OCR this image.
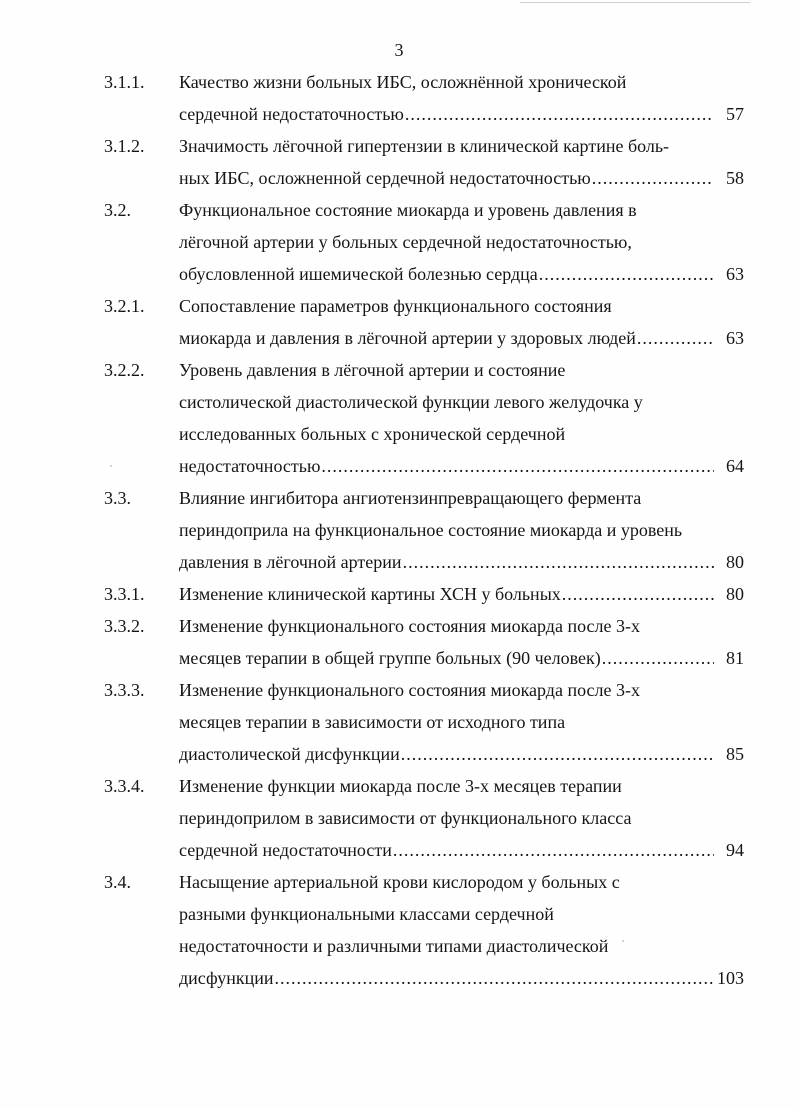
3
3.1.1. Качество жизни больных ИБС, осложнённой хронической
сердечной недостаточностью .....	57
3.1.2. Значимость лёгочной гипертензии в клинической картине боль-
ных ИБС, осложненной сердечной недостаточностью .....	58
3.2.	Функциональное состояние миокарда и уровень давления в
лёгочной артерии у больных сердечной недостаточностью,
обусловленной ишемической болезнью сердца .....	63
3.2.1. Сопоставление параметров функционального состояния
миокарда и давления в лёгочной артерии у здоровых людей .....	63
3.2.2. Уровень давления в лёгочной артерии и состояние
систолической диастолической функции левого желудочка у
исследованных больных с хронической сердечной
недостаточностью .....	64
3.3.	Влияние ингибитора ангиотензинпревращающего фермента
периндоприла на функциональное состояние миокарда и уровень
давления в лёгочной артерии .....	80
3.3.1. Изменение клинической картины ХСН у больных .....	80
3.3.2. Изменение функционального состояния миокарда после 3-х
месяцев терапии в общей группе больных (90 человек) .....	81
3.3.3. Изменение функционального состояния миокарда после 3-х
месяцев терапии в зависимости от исходного типа
диастолической дисфункции .....	85
3.3.4. Изменение функции миокарда после 3-х месяцев терапии
периндоприлом в зависимости от функционального класса
сердечной недостаточности .....	94
3.4.	Насыщение артериальной крови кислородом у больных с
разными функциональными классами сердечной
недостаточности и различными типами диастолической
дисфункции .....	103
